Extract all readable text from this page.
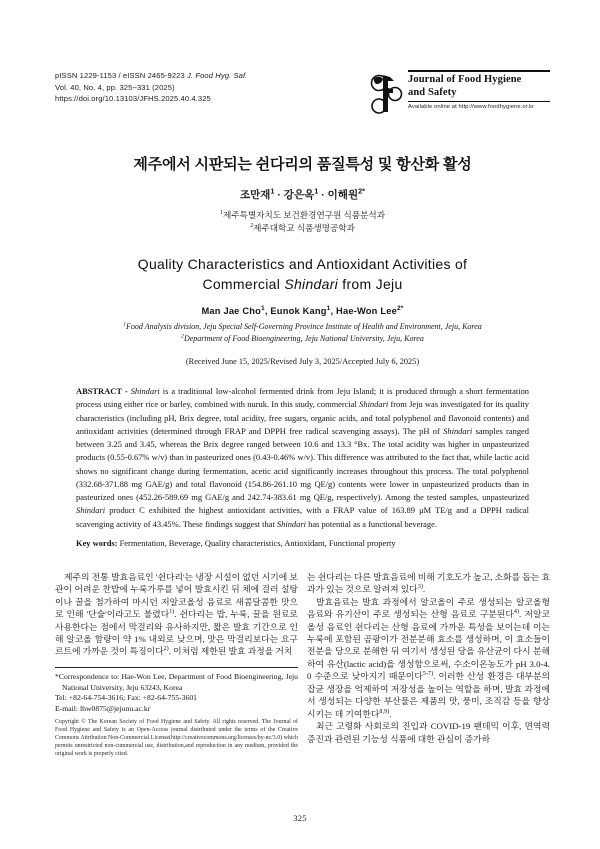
pISSN 1229-1153 / eISSN 2465-9223 J. Food Hyg. Saf.
Vol. 40, No. 4, pp. 325~331 (2025)
https://doi.org/10.13103/JFHS.2025.40.4.325
Journal of Food Hygiene
and Safety
Available online at http://www.foodhygiene.or.kr
제주에서 시판되는 쉰다리의 품질특성 및 항산화 활성
조만재$^1$ · 강은옥$^1$ · 이해원$^{2*}$
$^1$제주특별자치도 보건환경연구원 식품분석과
$^2$제주대학교 식품생명공학과
Quality Characteristics and Antioxidant Activities of
Commercial Shindari from Jeju
Man Jae Cho$^1$, Eunok Kang$^1$, Hae-Won Lee$^{2*}$
$^1$Food Analysis division, Jeju Special Self-Governing Province Institute of Health and Environment, Jeju, Korea
$^2$Department of Food Bioengineering, Jeju National University, Jeju, Korea
(Received June 15, 2025/Revised July 3, 2025/Accepted July 6, 2025)
ABSTRACT - Shindari is a traditional low-alcohol fermented drink from Jeju Island; it is produced through a short fermentation process using either rice or barley, combined with nuruk. In this study, commercial Shindari from Jeju was investigated for its quality characteristics (including pH, Brix degree, total acidity, free sugars, organic acids, and total polyphenol and flavonoid contents) and antioxidant activities (determined through FRAP and DPPH free radical scavenging assays). The pH of Shindari samples ranged between 3.25 and 3.45, whereas the Brix degree ranged between 10.6 and 13.3 °Bx. The total acidity was higher in unpasteurized products (0.55-0.67% w/v) than in pasteurized ones (0.43-0.46% w/v). This difference was attributed to the fact that, while lactic acid shows no significant change during fermentation, acetic acid significantly increases throughout this process. The total polyphenol (332.68-371.88 mg GAE/g) and total flavonoid (154.86-261.10 mg QE/g) contents were lower in unpasteurized products than in pasteurized ones (452.26-589.69 mg GAE/g and 242.74-383.61 mg QE/g, respectively). Among the tested samples, unpasteurized Shindari product C exhibited the highest antioxidant activities, with a FRAP value of 163.89 μM TE/g and a DPPH radical scavenging activity of 43.45%. These findings suggest that Shindari has potential as a functional beverage.
Key words: Fermentation, Beverage, Quality characteristics, Antioxidant, Functional property

제주의 전통 발효음료인 '쉰다리'는 냉장 시설이 없던 시기에 보관이 어려운 찬밥에 누룩가루를 넣어 발효시킨 뒤 체에 걸러 설탕이나 꿀을 첨가하여 마시던 저알코올성 음료로 새콤달콤한 맛으로 인해 '단술'이라고도 불렸다$^{1)}$. 쉰다리는 밥, 누룩, 꿀을 원료로 사용한다는 점에서 막걸리와 유사하지만, 짧은 발효 기간으로 인해 알코올 함량이 약 1% 내외로 낮으며, 맛은 막걸리보다는 요구르트에 가까운 것이 특징이다$^{2)}$. 이처럼 제한된 발효 과정을 거치

*Correspondence to: Hae-Won Lee, Department of Food Bioengineering, Jeju National University, Jeju 63243, Korea
Tel: +82-64-754-3616; Fax: +82-64-755-3601
E-mail: lhw0875@jejunu.ac.kr
Copyright © The Korean Society of Food Hygiene and Safety. All rights reserved. The Journal of Food Hygiene and Safety is an Open-Access journal distributed under the terms of the Creative Commons Attribution Non-Commercial License(http://creativecommons.org/licenses/by-nc/3.0) which permits unrestricted non-commercial use, distribution,and reproduction in any medium, provided the original work is properly cited.

는 쉰다리는 다른 발효음료에 비해 기호도가 높고, 소화를 돕는 효과가 있는 것으로 알려져 있다$^{3)}$.

발효음료는 발효 과정에서 알코올이 주로 생성되는 알코올형 음료와 유기산이 주로 생성되는 산형 음료로 구분된다$^{4)}$. 저알코올성 음료인 쉰다리는 산형 음료에 가까운 특성을 보이는데 이는 누룩에 포함된 곰팡이가 전분분해 효소를 생성하며, 이 효소들이 전분을 당으로 분해한 뒤 여기서 생성된 당을 유산균이 다시 분해하여 유산(lactic acid)을 생성함으로써, 수소이온농도가 pH 3.0-4.0 수준으로 낮아지기 때문이다$^{5-7)}$. 이러한 산성 환경은 대부분의 잡균 생장을 억제하여 저장성을 높이는 역할을 하며, 발효 과정에서 생성되는 다양한 부산물은 제품의 맛, 풍미, 조직감 등을 향상시키는 데 기여한다$^{8,9)}$.

최근 고령화 사회로의 진입과 COVID-19 팬데믹 이후, 면역력 증진과 관련된 기능성 식품에 대한 관심이 증가하

325
